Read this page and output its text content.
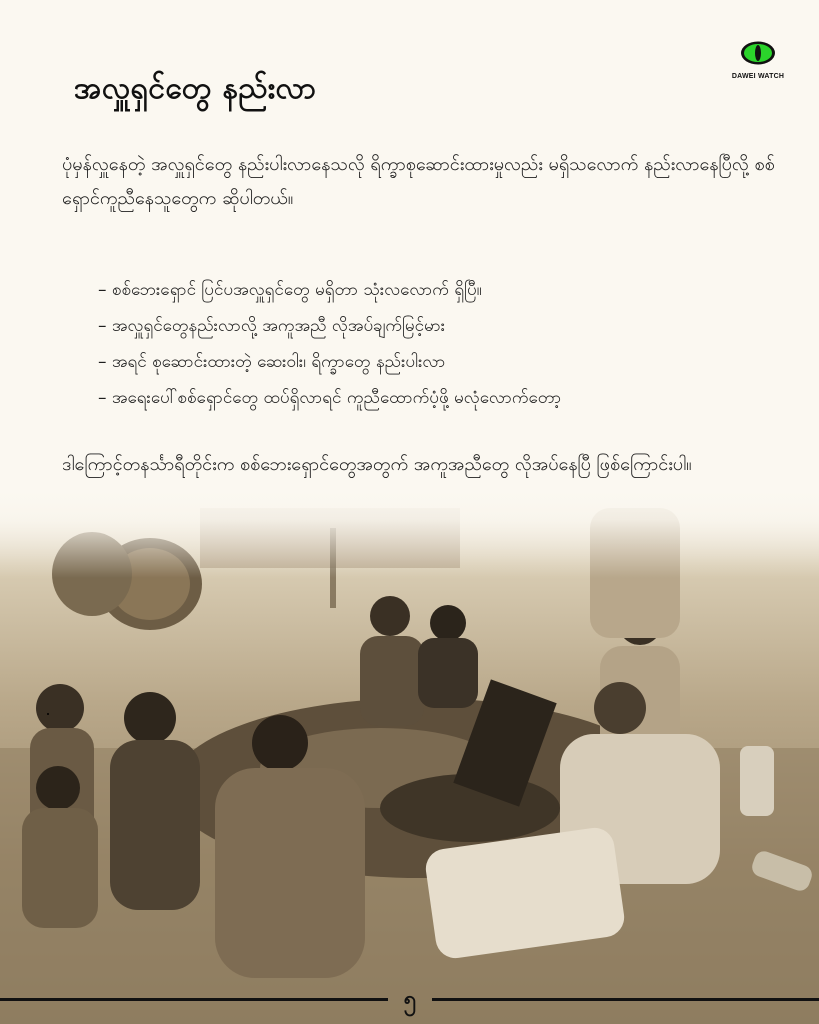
အလှူရှင်တွေ နည်းလာ	DAWEI WATCH
ပုံမှန်လှူနေတဲ့ အလှူရှင်တွေ နည်းပါးလာနေသလို ရိက္ခာစုဆောင်းထားမှုလည်း မရှိသလောက် နည်းလာနေပြီလို့ စစ်ရှောင်ကူညီနေသူတွေက ဆိုပါတယ်။
– စစ်ဘေးရှောင် ပြင်ပအလှူရှင်တွေ မရှိတာ သုံးလလောက် ရှိပြီ။
– အလှူရှင်တွေနည်းလာလို့ အကူအညီ လိုအပ်ချက်မြင့်မား
– အရင် စုဆောင်းထားတဲ့ ဆေးဝါး၊ ရိက္ခာတွေ နည်းပါးလာ
– အရေးပေါ်စစ်ရှောင်တွေ ထပ်ရှိလာရင် ကူညီထောက်ပံ့ဖို့ မလုံလောက်တော့
ဒါကြောင့်တနင်္သာရီတိုင်းက စစ်ဘေးရှောင်တွေအတွက် အကူအညီတွေ လိုအပ်နေပြီ ဖြစ်ကြောင်းပါ။
၅
